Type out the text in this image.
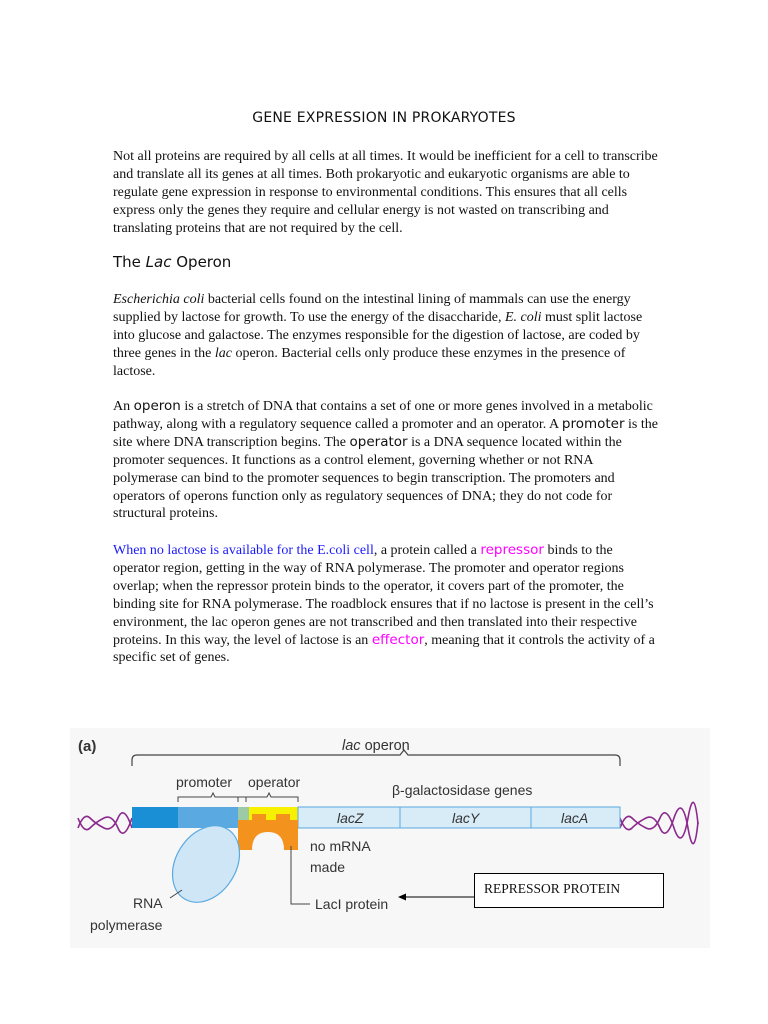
GENE EXPRESSION IN PROKARYOTES

Not all proteins are required by all cells at all times. It would be inefficient for a cell to transcribe and translate all its genes at all times. Both prokaryotic and eukaryotic organisms are able to regulate gene expression in response to environmental conditions. This ensures that all cells express only the genes they require and cellular energy is not wasted on transcribing and translating proteins that are not required by the cell.

The Lac Operon

Escherichia coli bacterial cells found on the intestinal lining of mammals can use the energy supplied by lactose for growth. To use the energy of the disaccharide, E. coli must split lactose into glucose and galactose. The enzymes responsible for the digestion of lactose, are coded by three genes in the lac operon. Bacterial cells only produce these enzymes in the presence of lactose.

An operon is a stretch of DNA that contains a set of one or more genes involved in a metabolic pathway, along with a regulatory sequence called a promoter and an operator. A promoter is the site where DNA transcription begins. The operator is a DNA sequence located within the promoter sequences. It functions as a control element, governing whether or not RNA polymerase can bind to the promoter sequences to begin transcription. The promoters and operators of operons function only as regulatory sequences of DNA; they do not code for structural proteins.

When no lactose is available for the E.coli cell, a protein called a repressor binds to the operator region, getting in the way of RNA polymerase. The promoter and operator regions overlap; when the repressor protein binds to the operator, it covers part of the promoter, the binding site for RNA polymerase. The roadblock ensures that if no lactose is present in the cell’s environment, the lac operon genes are not transcribed and then translated into their respective proteins. In this way, the level of lactose is an effector, meaning that it controls the activity of a specific set of genes.

(a)	lac operon
promoter operator	β-galactosidase genes
lacZ	lacY	lacA
RNA
polymerase
no mRNA
made
LacI protein
REPRESSOR PROTEIN
